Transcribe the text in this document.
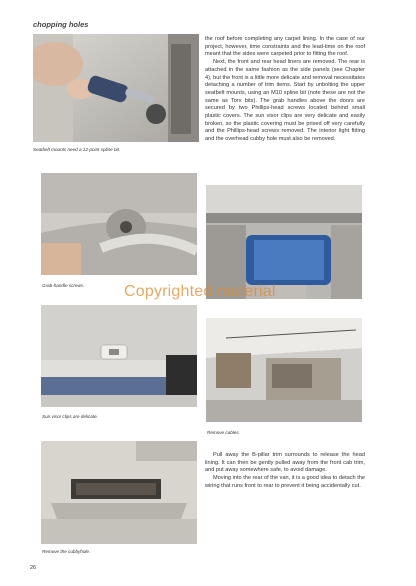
chopping holes
Seatbelt mounts need a 12-point spline bit.
Grab-handle screws.
Sun visor clips are delicate.
Remove the cubbyhole.

the roof before completing any carpet lining. In the case of our project, however, time constraints and the lead-time on the roof meant that the sides were carpeted prior to fitting the roof.

Next, the front and rear head liners are removed. The rear is attached in the same fashion as the side panels (see Chapter 4), but the front is a little more delicate and removal necessitates detaching a number of trim items. Start by unbolting the upper seatbelt mounts, using an M10 spline bit (note these are not the same as Torx bits). The grab handles above the doors are secured by two Phillips-head screws located behind small plastic covers. The sun visor clips are very delicate and easily broken, so the plastic covering must be prised off very carefully and the Phillips-head screws removed. The interior light fitting and the overhead cubby hole must also be removed.

Remove cables.

Pull away the B-pillar trim surrounds to release the head lining. It can then be gently pulled away from the front cab trim, and put away somewhere safe, to avoid damage.

Moving into the rear of the van, it is a good idea to detach the wiring that runs front to rear to prevent it being accidentally cut.

Copyrighted material
26
